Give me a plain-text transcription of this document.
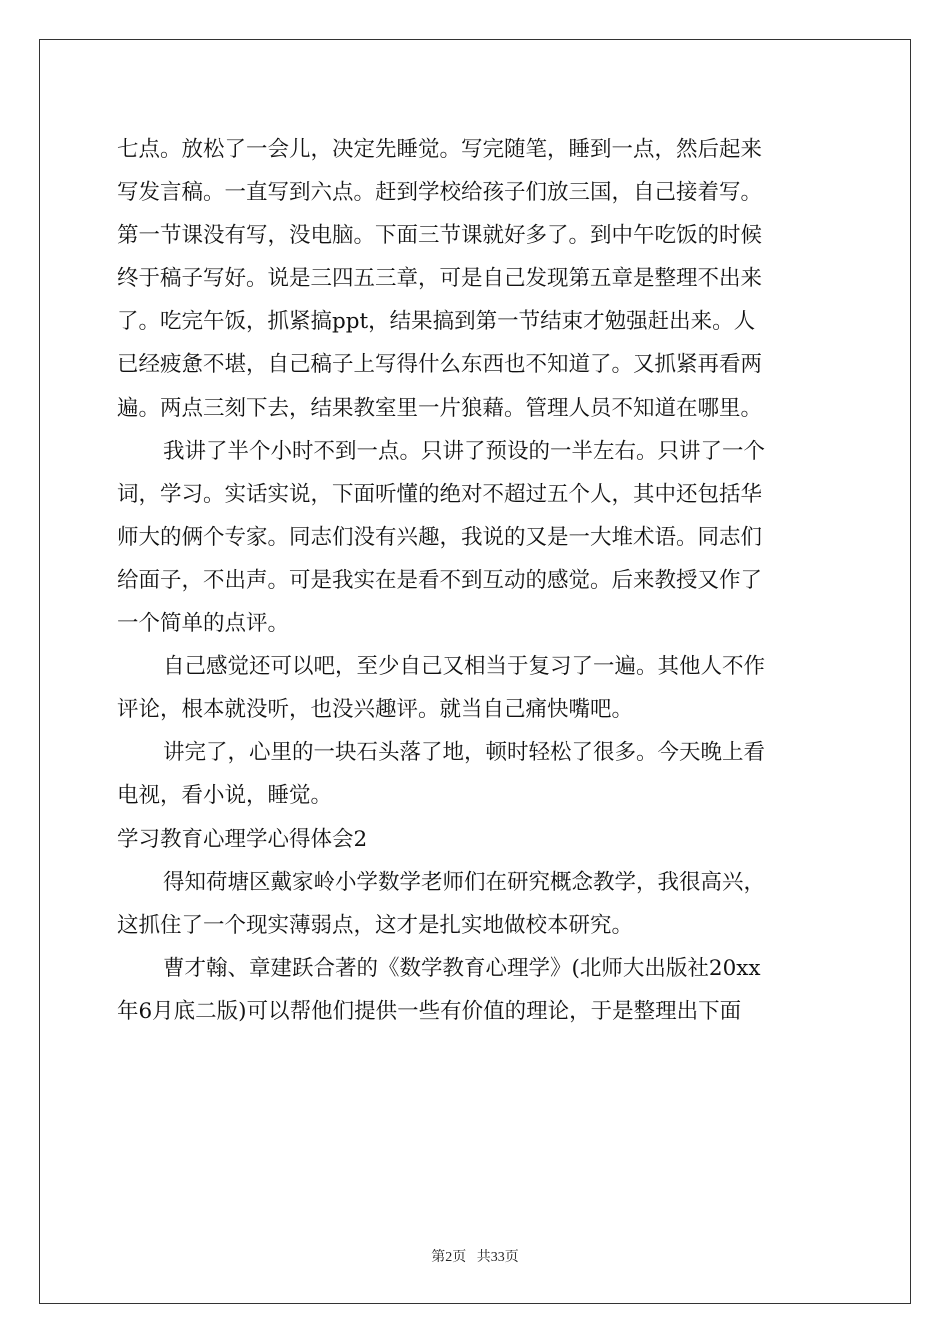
七点。放松了一会儿，决定先睡觉。写完随笔，睡到一点，然后起来
写发言稿。一直写到六点。赶到学校给孩子们放三国，自己接着写。
第一节课没有写，没电脑。下面三节课就好多了。到中午吃饭的时候
终于稿子写好。说是三四五三章，可是自己发现第五章是整理不出来
了。吃完午饭，抓紧搞ppt，结果搞到第一节结束才勉强赶出来。人
已经疲惫不堪，自己稿子上写得什么东西也不知道了。又抓紧再看两
遍。两点三刻下去，结果教室里一片狼藉。管理人员不知道在哪里。
我讲了半个小时不到一点。只讲了预设的一半左右。只讲了一个
词，学习。实话实说，下面听懂的绝对不超过五个人，其中还包括华
师大的俩个专家。同志们没有兴趣，我说的又是一大堆术语。同志们
给面子，不出声。可是我实在是看不到互动的感觉。后来教授又作了
一个简单的点评。
自己感觉还可以吧，至少自己又相当于复习了一遍。其他人不作
评论，根本就没听，也没兴趣评。就当自己痛快嘴吧。
讲完了，心里的一块石头落了地，顿时轻松了很多。今天晚上看
电视，看小说，睡觉。
学习教育心理学心得体会2
得知荷塘区戴家岭小学数学老师们在研究概念教学，我很高兴，
这抓住了一个现实薄弱点，这才是扎实地做校本研究。
曹才翰、章建跃合著的《数学教育心理学》(北师大出版社20xx
年6月底二版)可以帮他们提供一些有价值的理论，于是整理出下面
第2页 共33页
